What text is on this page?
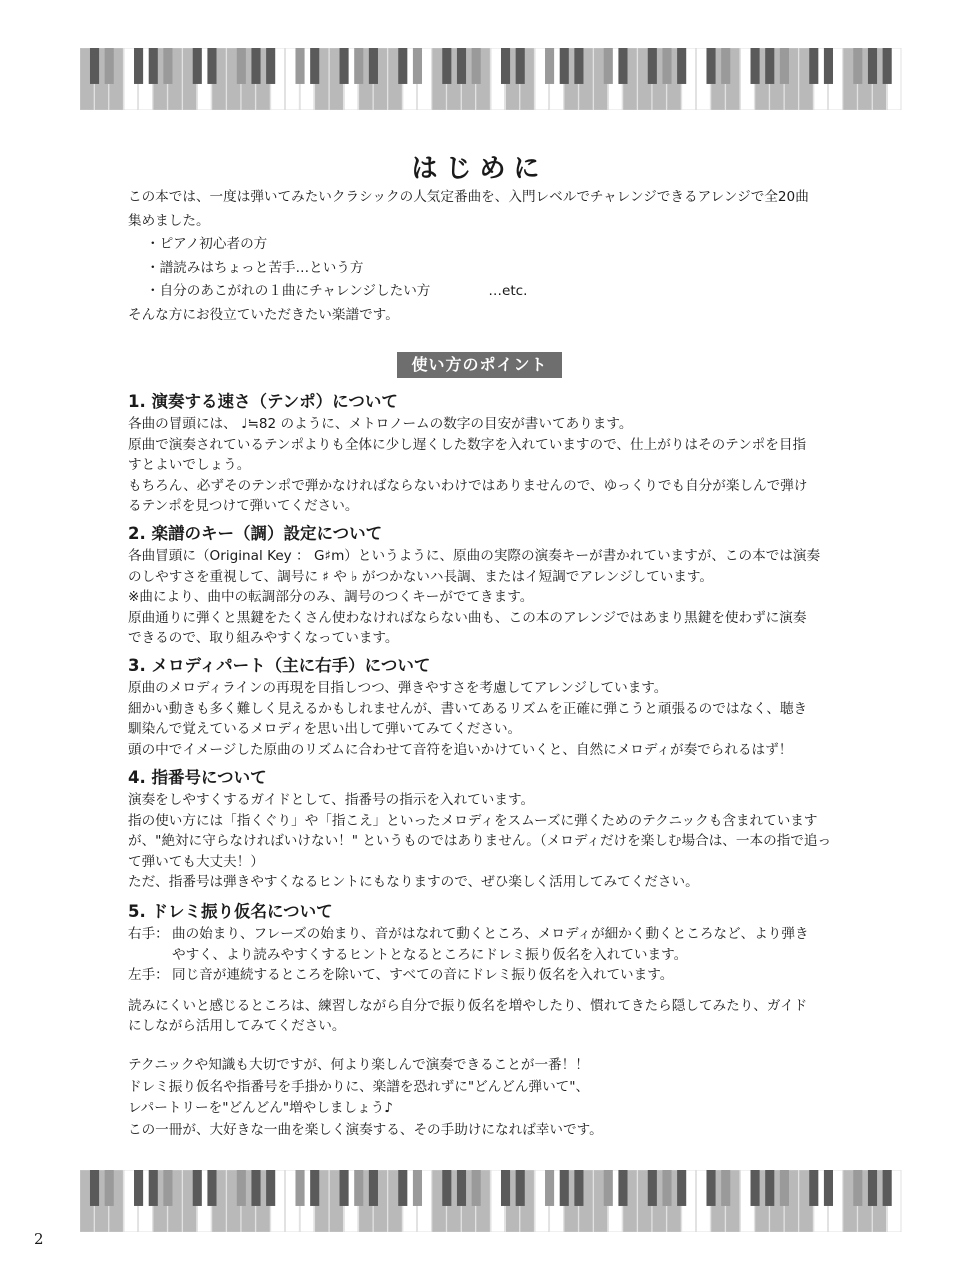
はじめに
この本では、一度は弾いてみたいクラシックの人気定番曲を、入門レベルでチャレンジできるアレンジで全20曲
集めました。
・ピアノ初心者の方
・譜読みはちょっと苦手…という方
・自分のあこがれの１曲にチャレンジしたい方	…etc.
そんな方にお役立ていただきたい楽譜です。
使い方のポイント
1. 演奏する速さ（テンポ）について
各曲の冒頭には、 ♩≒82 のように、メトロノームの数字の目安が書いてあります。
原曲で演奏されているテンポよりも全体に少し遅くした数字を入れていますので、仕上がりはそのテンポを目指
すとよいでしょう。
もちろん、必ずそのテンポで弾かなければならないわけではありませんので、ゆっくりでも自分が楽しんで弾け
るテンポを見つけて弾いてください。
2. 楽譜のキー（調）設定について
各曲冒頭に（Original Key ： G♯m）というように、原曲の実際の演奏キーが書かれていますが、この本では演奏
のしやすさを重視して、調号に ♯ や ♭ がつかないハ長調、またはイ短調でアレンジしています。
※曲により、曲中の転調部分のみ、調号のつくキーがでてきます。
原曲通りに弾くと黒鍵をたくさん使わなければならない曲も、この本のアレンジではあまり黒鍵を使わずに演奏
できるので、取り組みやすくなっています。
3. メロディパート（主に右手）について
原曲のメロディラインの再現を目指しつつ、弾きやすさを考慮してアレンジしています。
細かい動きも多く難しく見えるかもしれませんが、書いてあるリズムを正確に弾こうと頑張るのではなく、聴き
馴染んで覚えているメロディを思い出して弾いてみてください。
頭の中でイメージした原曲のリズムに合わせて音符を追いかけていくと、自然にメロディが奏でられるはず！
4. 指番号について
演奏をしやすくするガイドとして、指番号の指示を入れています。
指の使い方には「指くぐり」や「指こえ」といったメロディをスムーズに弾くためのテクニックも含まれています
が、"絶対に守らなければいけない！" というものではありません。（メロディだけを楽しむ場合は、一本の指で追っ
て弾いても大丈夫！）
ただ、指番号は弾きやすくなるヒントにもなりますので、ぜひ楽しく活用してみてください。
5. ドレミ振り仮名について
右手： 曲の始まり、フレーズの始まり、音がはなれて動くところ、メロディが細かく動くところなど、より弾き
やすく、より読みやすくするヒントとなるところにドレミ振り仮名を入れています。
左手： 同じ音が連続するところを除いて、すべての音にドレミ振り仮名を入れています。
読みにくいと感じるところは、練習しながら自分で振り仮名を増やしたり、慣れてきたら隠してみたり、ガイド
にしながら活用してみてください。
テクニックや知識も大切ですが、何より楽しんで演奏できることが一番！！
ドレミ振り仮名や指番号を手掛かりに、楽譜を恐れずに"どんどん弾いて"、
レパートリーを"どんどん"増やしましょう♪
この一冊が、大好きな一曲を楽しく演奏する、その手助けになれば幸いです。
2
